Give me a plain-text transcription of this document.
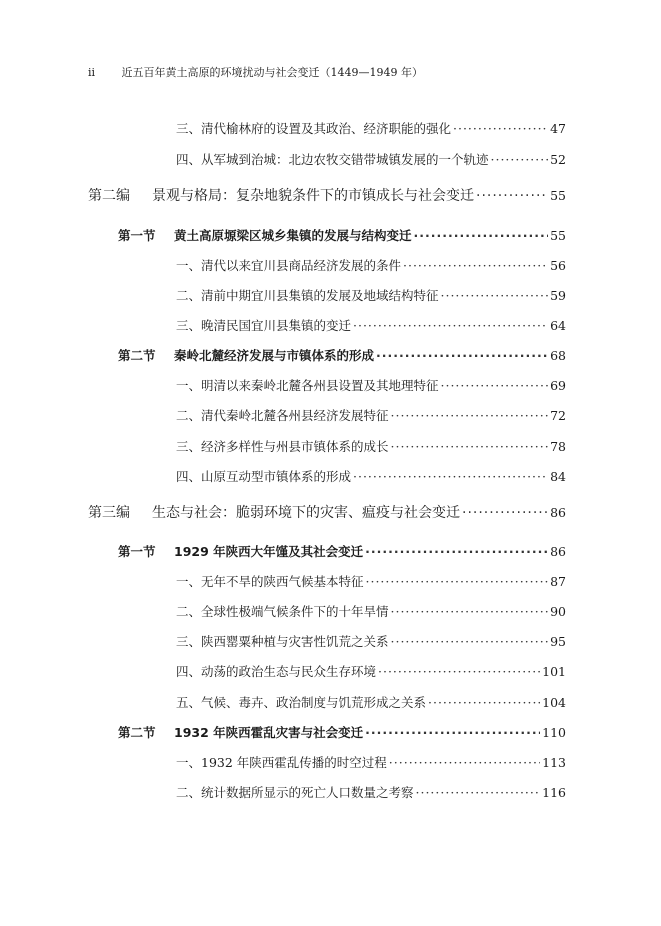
ii 近五百年黄土高原的环境扰动与社会变迁（1449—1949 年）
三、清代榆林府的设置及其政治、经济职能的强化 ·····	47
四、从军城到治城：北边农牧交错带城镇发展的一个轨迹 ·····	52
第二编 景观与格局：复杂地貌条件下的市镇成长与社会变迁 ·····	55
第一节 黄土高原塬梁区城乡集镇的发展与结构变迁 ·····	55
一、清代以来宜川县商品经济发展的条件 ·····	56
二、清前中期宜川县集镇的发展及地域结构特征 ·····	59
三、晚清民国宜川县集镇的变迁 ·····	64
第二节 秦岭北麓经济发展与市镇体系的形成 ·····	68
一、明清以来秦岭北麓各州县设置及其地理特征 ·····	69
二、清代秦岭北麓各州县经济发展特征 ·····	72
三、经济多样性与州县市镇体系的成长 ·····	78
四、山原互动型市镇体系的形成 ·····	84
第三编 生态与社会：脆弱环境下的灾害、瘟疫与社会变迁 ·····	86
第一节 1929 年陕西大年馑及其社会变迁 ·····	86
一、无年不旱的陕西气候基本特征 ·····	87
二、全球性极端气候条件下的十年旱情 ·····	90
三、陕西罂粟种植与灾害性饥荒之关系 ·····	95
四、动荡的政治生态与民众生存环境 ·····	101
五、气候、毒卉、政治制度与饥荒形成之关系 ·····	104
第二节 1932 年陕西霍乱灾害与社会变迁 ·····	110
一、1932 年陕西霍乱传播的时空过程 ·····	113
二、统计数据所显示的死亡人口数量之考察 ·····	116
